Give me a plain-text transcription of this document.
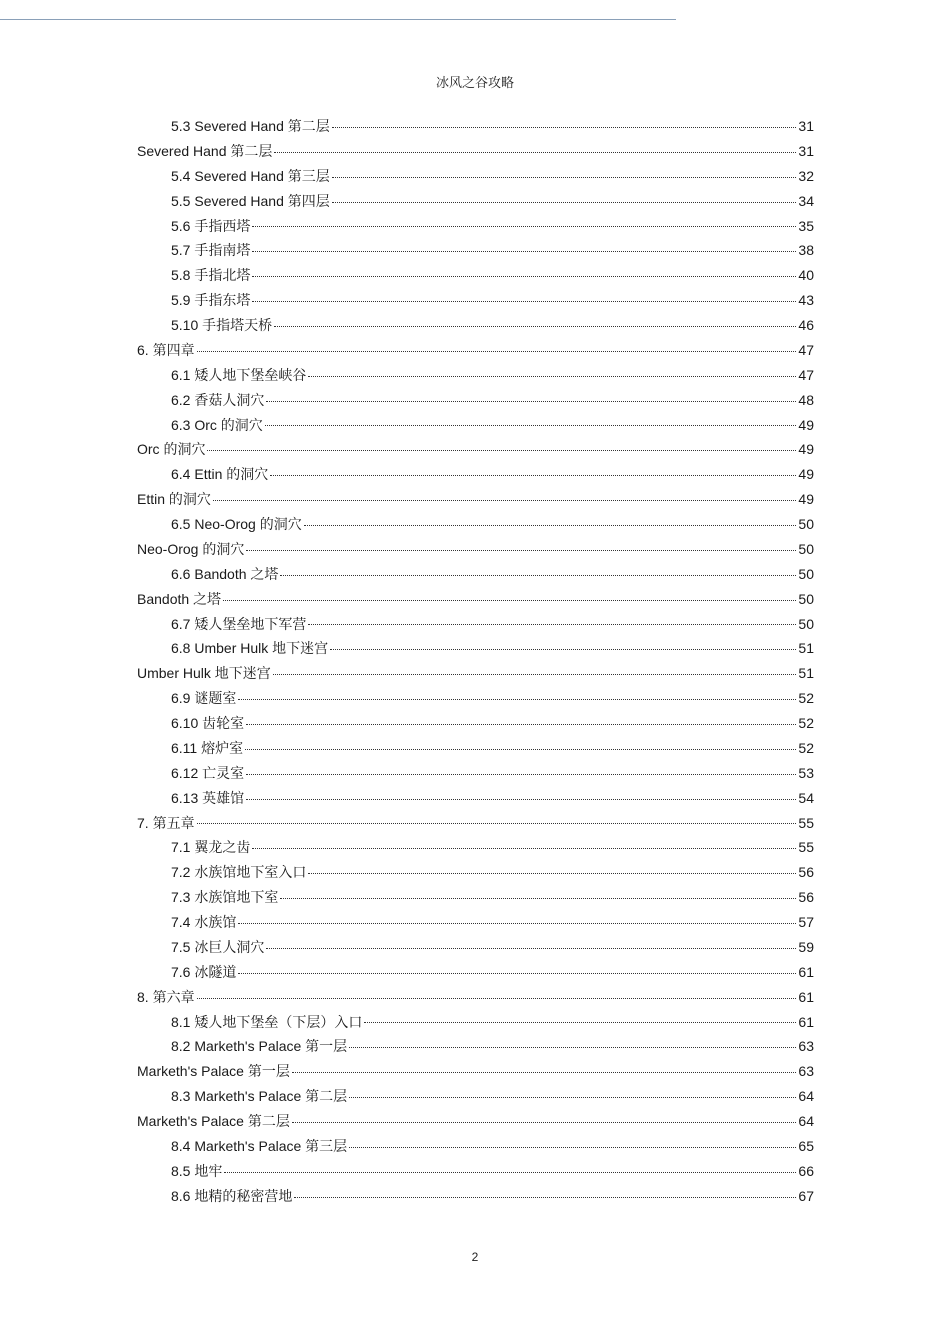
冰风之谷攻略
5.3 Severed Hand 第二层	31
Severed Hand 第二层	31
5.4 Severed Hand 第三层	32
5.5 Severed Hand 第四层	34
5.6 手指西塔	35
5.7 手指南塔	38
5.8 手指北塔	40
5.9 手指东塔	43
5.10 手指塔天桥	46
6. 第四章	47
6.1 矮人地下堡垒峡谷	47
6.2 香菇人洞穴	48
6.3 Orc 的洞穴	49
Orc 的洞穴	49
6.4 Ettin 的洞穴	49
Ettin 的洞穴	49
6.5 Neo-Orog 的洞穴	50
Neo-Orog 的洞穴	50
6.6 Bandoth 之塔	50
Bandoth 之塔	50
6.7 矮人堡垒地下军营	50
6.8 Umber Hulk 地下迷宫	51
Umber Hulk 地下迷宫	51
6.9 谜题室	52
6.10 齿轮室	52
6.11 熔炉室	52
6.12 亡灵室	53
6.13 英雄馆	54
7. 第五章	55
7.1 翼龙之齿	55
7.2 水族馆地下室入口	56
7.3 水族馆地下室	56
7.4 水族馆	57
7.5 冰巨人洞穴	59
7.6 冰隧道	61
8. 第六章	61
8.1 矮人地下堡垒（下层）入口	61
8.2 Marketh's Palace 第一层	63
Marketh's Palace 第一层	63
8.3 Marketh's Palace 第二层	64
Marketh's Palace 第二层	64
8.4 Marketh's Palace 第三层	65
8.5 地牢	66
8.6 地精的秘密营地	67
2
